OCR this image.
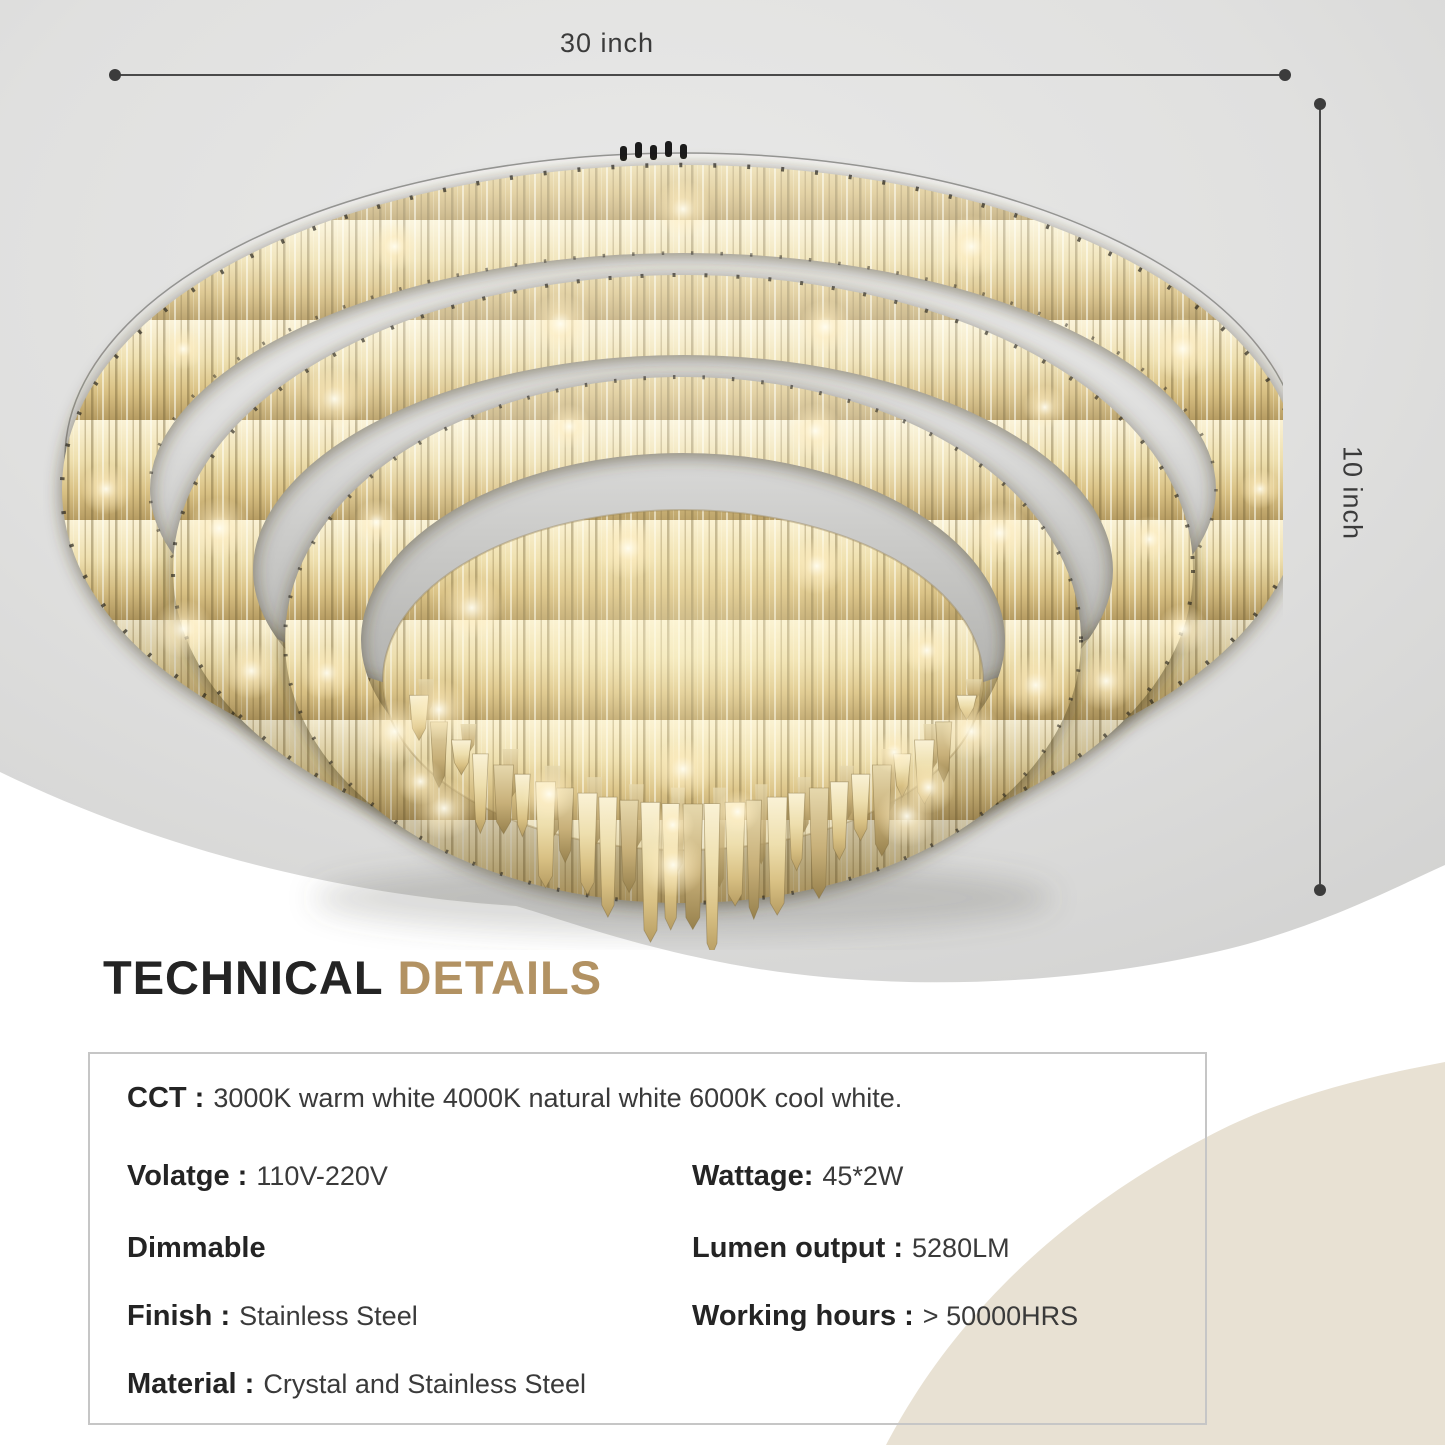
30 inch
10 inch
TECHNICAL DETAILS
CCT : 3000K warm white 4000K natural white 6000K cool white.
Volatge : 110V-220V	Wattage: 45*2W
Dimmable	Lumen output : 5280LM
Finish : Stainless Steel	Working hours : > 50000HRS
Material : Crystal and Stainless Steel
